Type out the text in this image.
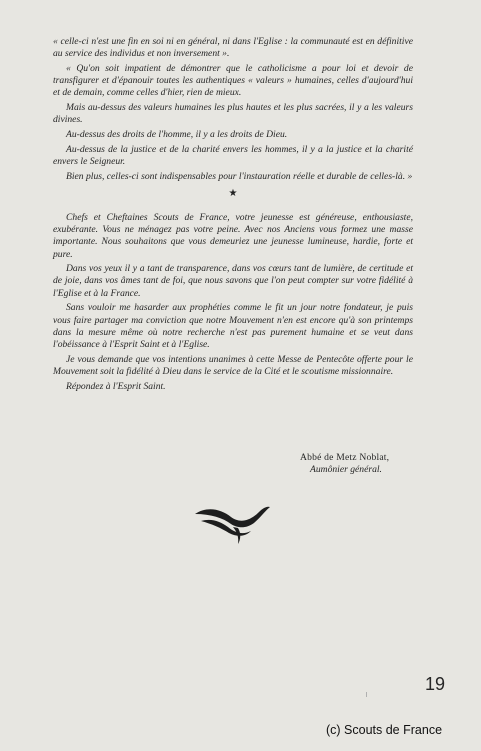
« celle-ci n'est une fin en soi ni en général, ni dans l'Eglise : la communauté est en définitive au service des individus et non inversement ».

« Qu'on soit impatient de démontrer que le catholicisme a pour loi et devoir de transfigurer et d'épanouir toutes les authentiques « valeurs » humaines, celles d'aujourd'hui et de demain, comme celles d'hier, rien de mieux.

Mais au-dessus des valeurs humaines les plus hautes et les plus sacrées, il y a les valeurs divines.

Au-dessus des droits de l'homme, il y a les droits de Dieu.

Au-dessus de la justice et de la charité envers les hommes, il y a la justice et la charité envers le Seigneur.

Bien plus, celles-ci sont indispensables pour l'instauration réelle et durable de celles-là. »

★

Chefs et Cheftaines Scouts de France, votre jeunesse est généreuse, enthousiaste, exubérante. Vous ne ménagez pas votre peine. Avec nos Anciens vous formez une masse importante. Nous souhaitons que vous demeuriez une jeunesse lumineuse, hardie, forte et pure.

Dans vos yeux il y a tant de transparence, dans vos cœurs tant de lumière, de certitude et de joie, dans vos âmes tant de foi, que nous savons que l'on peut compter sur votre fidélité à l'Eglise et à la France.

Sans vouloir me hasarder aux prophéties comme le fit un jour notre fondateur, je puis vous faire partager ma conviction que notre Mouvement n'en est encore qu'à son printemps dans la mesure même où notre recherche n'est pas purement humaine et se veut dans l'obéissance à l'Esprit Saint et à l'Eglise.

Je vous demande que vos intentions unanimes à cette Messe de Pentecôte offerte pour le Mouvement soit la fidélité à Dieu dans le service de la Cité et le scoutisme missionnaire.

Répondez à l'Esprit Saint.

Abbé de Metz Noblat,
Aumônier général.
19
(c) Scouts de France
